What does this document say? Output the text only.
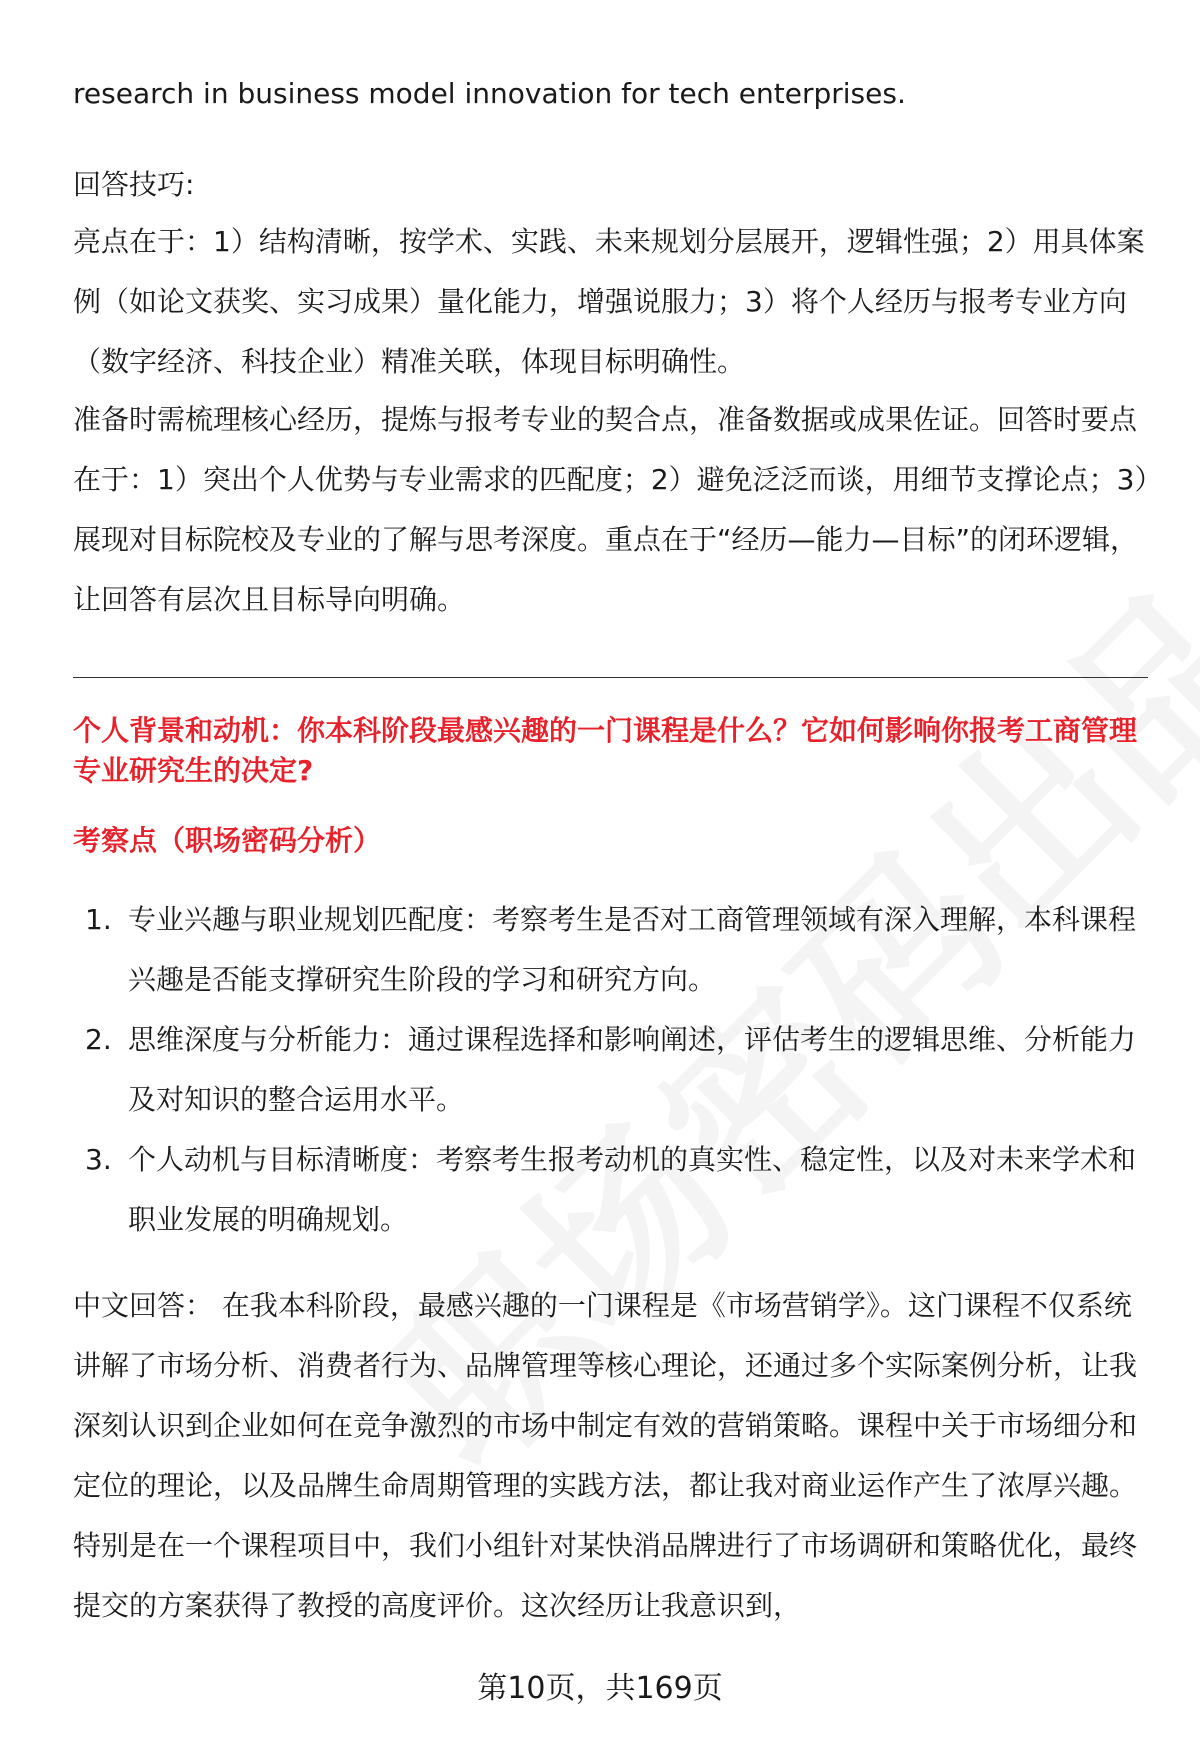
research in business model innovation for tech enterprises.
回答技巧:
亮点在于：1）结构清晰，按学术、实践、未来规划分层展开，逻辑性强；2）用具体案例（如论文获奖、实习成果）量化能力，增强说服力；3）将个人经历与报考专业方向（数字经济、科技企业）精准关联，体现目标明确性。
准备时需梳理核心经历，提炼与报考专业的契合点，准备数据或成果佐证。回答时要点在于：1）突出个人优势与专业需求的匹配度；2）避免泛泛而谈，用细节支撑论点；3）展现对目标院校及专业的了解与思考深度。重点在于“经历—能力—目标”的闭环逻辑，让回答有层次且目标导向明确。
个人背景和动机：你本科阶段最感兴趣的一门课程是什么？它如何影响你报考工商管理专业研究生的决定?
考察点（职场密码分析）
1. 专业兴趣与职业规划匹配度：考察考生是否对工商管理领域有深入理解，本科课程兴趣是否能支撑研究生阶段的学习和研究方向。
2. 思维深度与分析能力：通过课程选择和影响阐述，评估考生的逻辑思维、分析能力及对知识的整合运用水平。
3. 个人动机与目标清晰度：考察考生报考动机的真实性、稳定性，以及对未来学术和职业发展的明确规划。
中文回答： 在我本科阶段，最感兴趣的一门课程是《市场营销学》。这门课程不仅系统讲解了市场分析、消费者行为、品牌管理等核心理论，还通过多个实际案例分析，让我深刻认识到企业如何在竞争激烈的市场中制定有效的营销策略。课程中关于市场细分和定位的理论，以及品牌生命周期管理的实践方法，都让我对商业运作产生了浓厚兴趣。特别是在一个课程项目中，我们小组针对某快消品牌进行了市场调研和策略优化，最终提交的方案获得了教授的高度评价。这次经历让我意识到，
第10页，共169页
